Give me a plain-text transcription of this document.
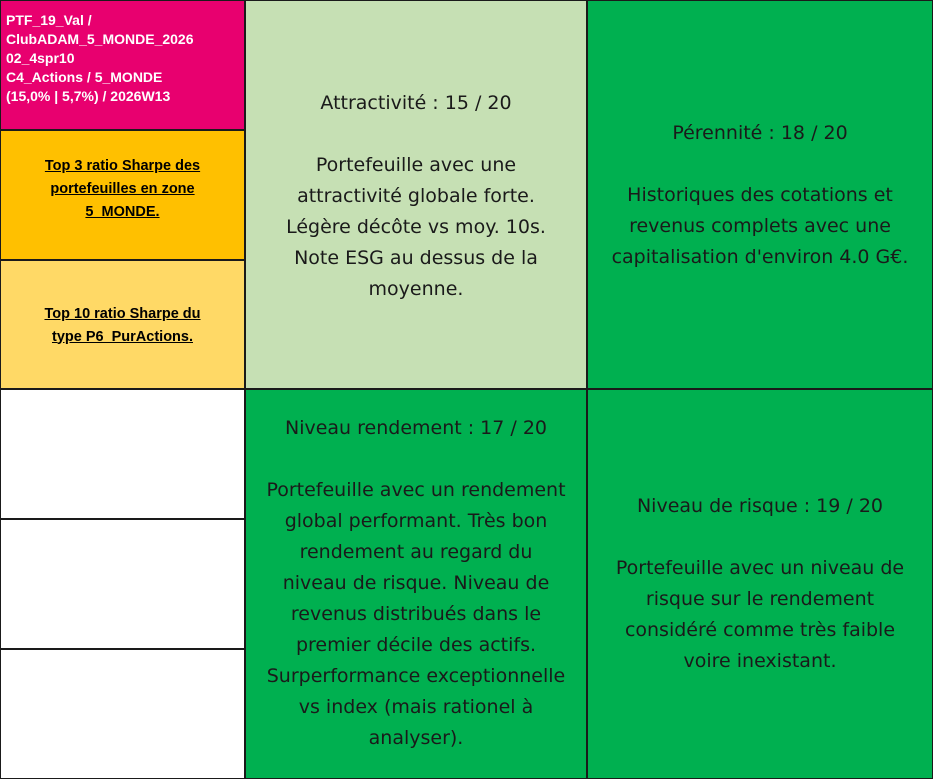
PTF_19_Val /
ClubADAM_5_MONDE_2026
02_4spr10
C4_Actions / 5_MONDE
(15,0% | 5,7%) / 2026W13
Top 3 ratio Sharpe des
portefeuilles en zone
5_MONDE.
Top 10 ratio Sharpe du
type P6_PurActions.
Attractivité : 15 / 20
Portefeuille avec une
attractivité globale forte.
Légère décôte vs moy. 10s.
Note ESG au dessus de la
moyenne.
Pérennité : 18 / 20
Historiques des cotations et
revenus complets avec une
capitalisation d'environ 4.0 G€.
Niveau rendement : 17 / 20
Portefeuille avec un rendement
global performant. Très bon
rendement au regard du
niveau de risque. Niveau de
revenus distribués dans le
premier décile des actifs.
Surperformance exceptionnelle
vs index (mais rationel à
analyser).
Niveau de risque : 19 / 20
Portefeuille avec un niveau de
risque sur le rendement
considéré comme très faible
voire inexistant.
